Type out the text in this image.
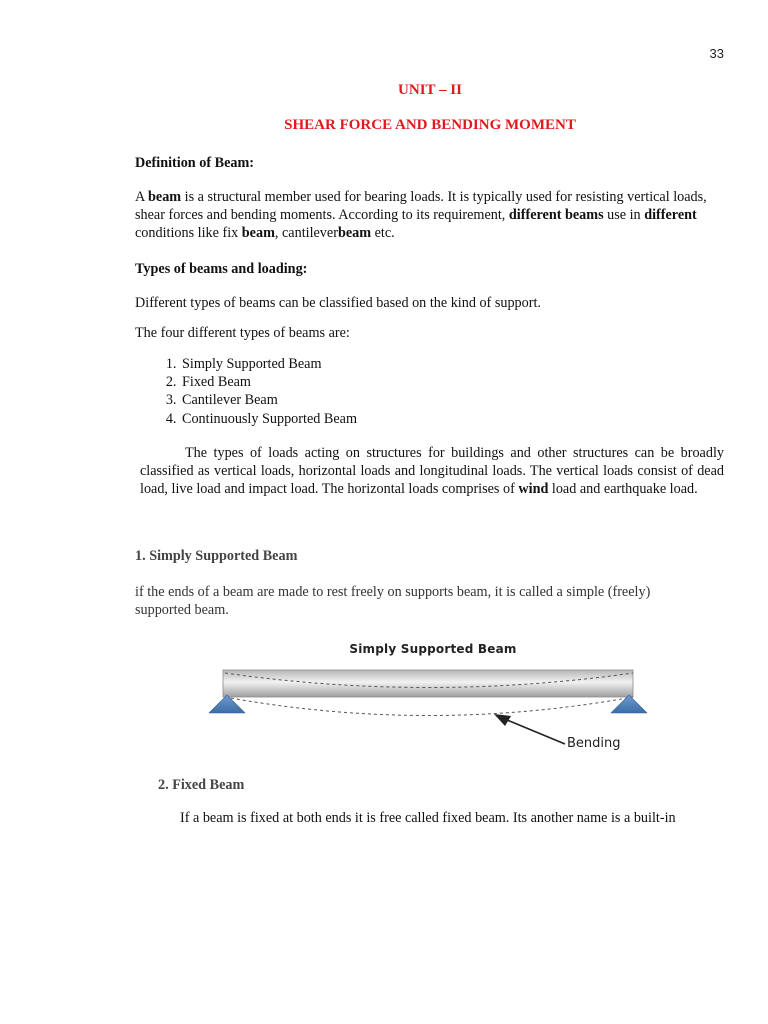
33
UNIT – II
SHEAR FORCE AND BENDING MOMENT
Definition of Beam:
A beam is a structural member used for bearing loads. It is typically used for resisting vertical loads, shear forces and bending moments. According to its requirement, different beams use in different conditions like fix beam, cantileverbeam etc.
Types of beams and loading:
Different types of beams can be classified based on the kind of support.
The four different types of beams are:
1. Simply Supported Beam
2. Fixed Beam
3. Cantilever Beam
4. Continuously Supported Beam
The types of loads acting on structures for buildings and other structures can be broadly classified as vertical loads, horizontal loads and longitudinal loads. The vertical loads consist of dead load, live load and impact load. The horizontal loads comprises of wind load and earthquake load.
1. Simply Supported Beam
if the ends of a beam are made to rest freely on supports beam, it is called a simple (freely) supported beam.
Simply Supported Beam
Bending
2. Fixed Beam
If a beam is fixed at both ends it is free called fixed beam. Its another name is a built-in
